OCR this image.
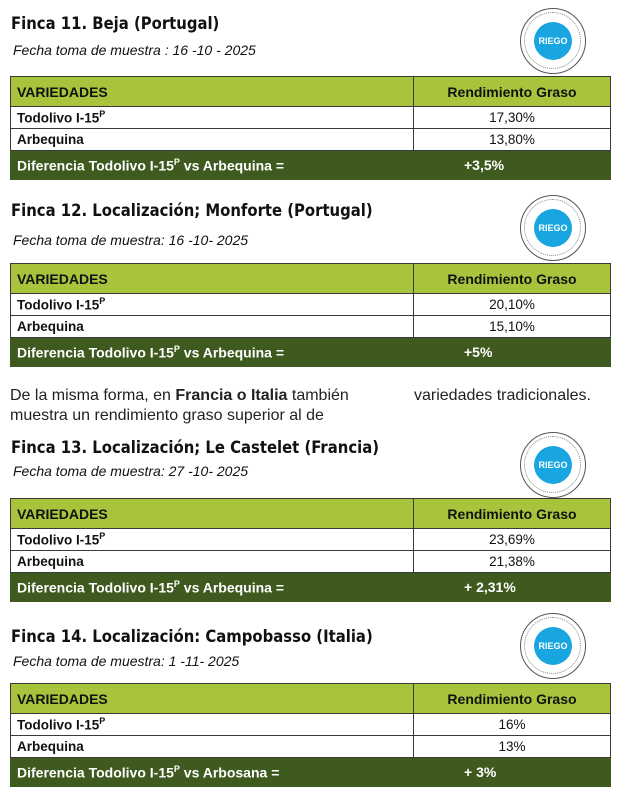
Finca 11. Beja (Portugal)
Fecha toma de muestra : 16 -10 - 2025
RIEGO
VARIEDADES	Rendimiento Graso
Todolivo $I-15^P$	17,30%
Arbequina	13,80%
Diferencia Todolivo $I-15^P$ vs Arbequina =	+3,5%
Finca 12. Localización; Monforte (Portugal)
Fecha toma de muestra: 16 -10- 2025
RIEGO
VARIEDADES	Rendimiento Graso
Todolivo $I-15^P$	20,10%
Arbequina	15,10%
Diferencia Todolivo $I-15^P$ vs Arbequina =	+5%
De la misma forma, en Francia o Italia también	variedades tradicionales.
muestra un rendimiento graso superior al de
Finca 13. Localización; Le Castelet (Francia)
Fecha toma de muestra: 27 -10- 2025	RIEGO
VARIEDADES	Rendimiento Graso
Todolivo $I-15^P$	23,69%
Arbequina	21,38%
Diferencia Todolivo $I-15^P$ vs Arbequina =	+ 2,31%
Finca 14. Localización: Campobasso (Italia)
Fecha toma de muestra: 1 -11- 2025
RIEGO
VARIEDADES	Rendimiento Graso
Todolivo $I-15^P$	16%
Arbequina	13%
Diferencia Todolivo $I-15^P$ vs Arbosana =	+ 3%
